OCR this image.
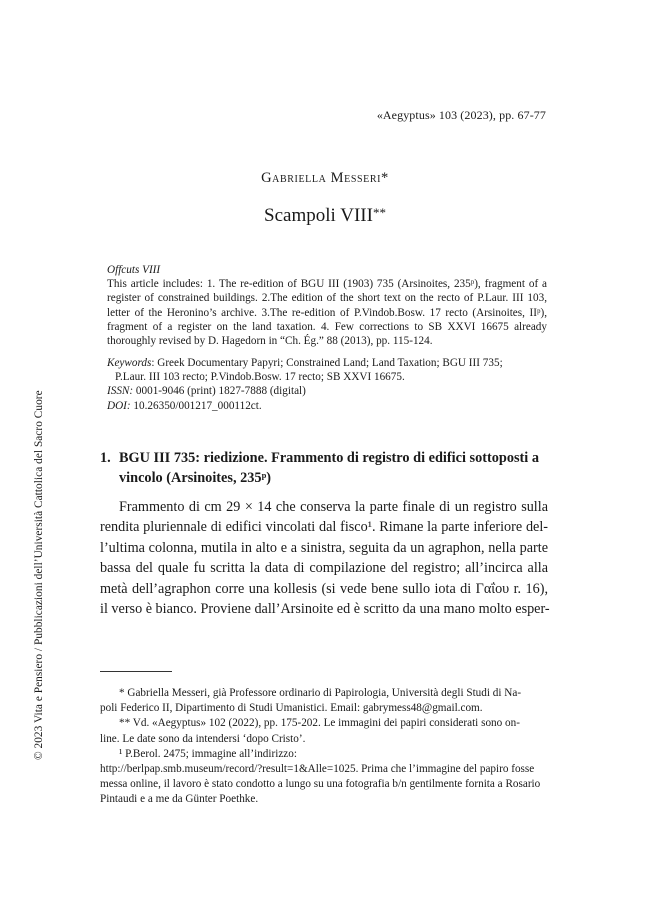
«Aegyptus» 103 (2023), pp. 67-77
Gabriella Messeri*
Scampoli VIII**
Offcuts VIII

This article includes: 1. The re-edition of BGU III (1903) 735 (Arsinoites, 235ᵖ), fragment of a register of constrained buildings. 2.The edition of the short text on the recto of P.Laur. III 103, letter of the Heronino’s archive. 3.The re-edition of P.Vindob.Bosw. 17 recto (Arsinoites, IIᵖ), fragment of a register on the land taxation. 4. Few corrections to SB XXVI 16675 already thoroughly revised by D. Hagedorn in “Ch. Ég.” 88 (2013), pp. 115-124.

Keywords: Greek Documentary Papyri; Constrained Land; Land Taxation; BGU III 735;

P.Laur. III 103 recto; P.Vindob.Bosw. 17 recto; SB XXVI 16675.

ISSN: 0001-9046 (print) 1827-7888 (digital)

DOI: 10.26350/001217_000112ct.

1. BGU III 735: riedizione. Frammento di registro di edifici sottoposti a
vincolo (Arsinoites, 235ᵖ)
Frammento di cm 29 × 14 che conserva la parte finale di un registro sulla
rendita pluriennale di edifici vincolati dal fisco¹. Rimane la parte inferiore del-
l’ultima colonna, mutila in alto e a sinistra, seguita da un agraphon, nella parte
bassa del quale fu scritta la data di compilazione del registro; all’incirca alla
metà dell’agraphon corre una kollesis (si vede bene sullo iota di Γαΐου r. 16),
il verso è bianco. Proviene dall’Arsinoite ed è scritto da una mano molto esper-
* Gabriella Messeri, già Professore ordinario di Papirologia, Università degli Studi di Na-
poli Federico II, Dipartimento di Studi Umanistici. Email: gabrymess48@gmail.com.
** Vd. «Aegyptus» 102 (2022), pp. 175-202. Le immagini dei papiri considerati sono on-
line. Le date sono da intendersi ‘dopo Cristo’.
¹ P.Berol. 2475; immagine all’indirizzo:
http://berlpap.smb.museum/record/?result=1&Alle=1025. Prima che l’immagine del papiro fosse
messa online, il lavoro è stato condotto a lungo su una fotografia b/n gentilmente fornita a Rosario
Pintaudi e a me da Günter Poethke.
© 2023 Vita e Pensiero / Pubblicazioni dell’Università Cattolica del Sacro Cuore
